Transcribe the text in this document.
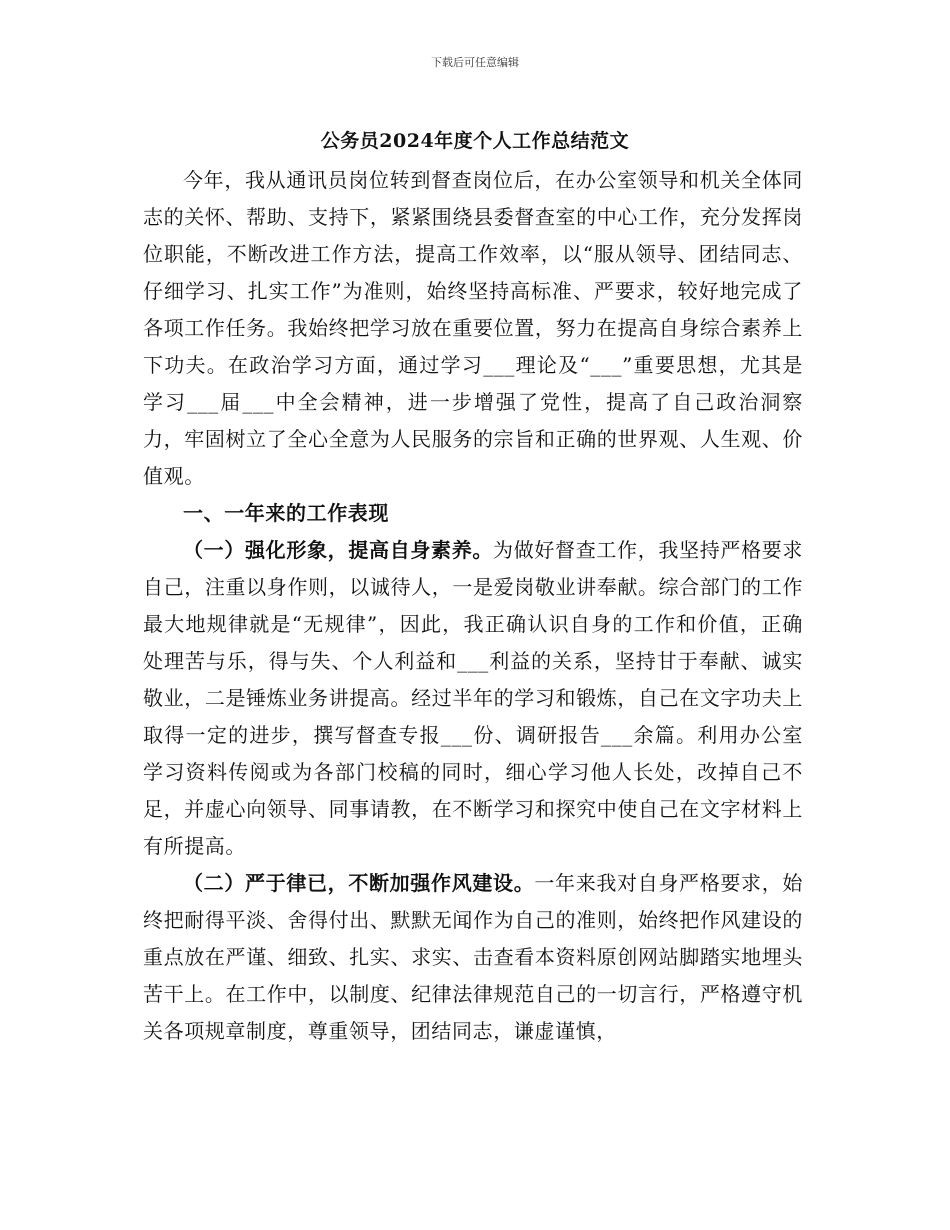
下载后可任意编辑
公务员2024年度个人工作总结范文

今年，我从通讯员岗位转到督查岗位后，在办公室领导和机关全体同志的关怀、帮助、支持下，紧紧围绕县委督查室的中心工作，充分发挥岗位职能，不断改进工作方法，提高工作效率，以“服从领导、团结同志、仔细学习、扎实工作”为准则，始终坚持高标准、严要求，较好地完成了各项工作任务。我始终把学习放在重要位置，努力在提高自身综合素养上下功夫。在政治学习方面，通过学习___理论及“___”重要思想，尤其是学习___届___中全会精神，进一步增强了党性，提高了自己政治洞察力，牢固树立了全心全意为人民服务的宗旨和正确的世界观、人生观、价值观。

一、一年来的工作表现

（一）强化形象，提高自身素养。为做好督查工作，我坚持严格要求自己，注重以身作则，以诚待人，一是爱岗敬业讲奉献。综合部门的工作最大地规律就是“无规律”，因此，我正确认识自身的工作和价值，正确处理苦与乐，得与失、个人利益和___利益的关系，坚持甘于奉献、诚实敬业，二是锤炼业务讲提高。经过半年的学习和锻炼，自己在文字功夫上取得一定的进步，撰写督查专报___份、调研报告___余篇。利用办公室学习资料传阅或为各部门校稿的同时，细心学习他人长处，改掉自己不足，并虚心向领导、同事请教，在不断学习和探究中使自己在文字材料上有所提高。

（二）严于律已，不断加强作风建设。一年来我对自身严格要求，始终把耐得平淡、舍得付出、默默无闻作为自己的准则，始终把作风建设的重点放在严谨、细致、扎实、求实、击查看本资料原创网站脚踏实地埋头苦干上。在工作中，以制度、纪律法律规范自己的一切言行，严格遵守机关各项规章制度，尊重领导，团结同志，谦虚谨慎，
